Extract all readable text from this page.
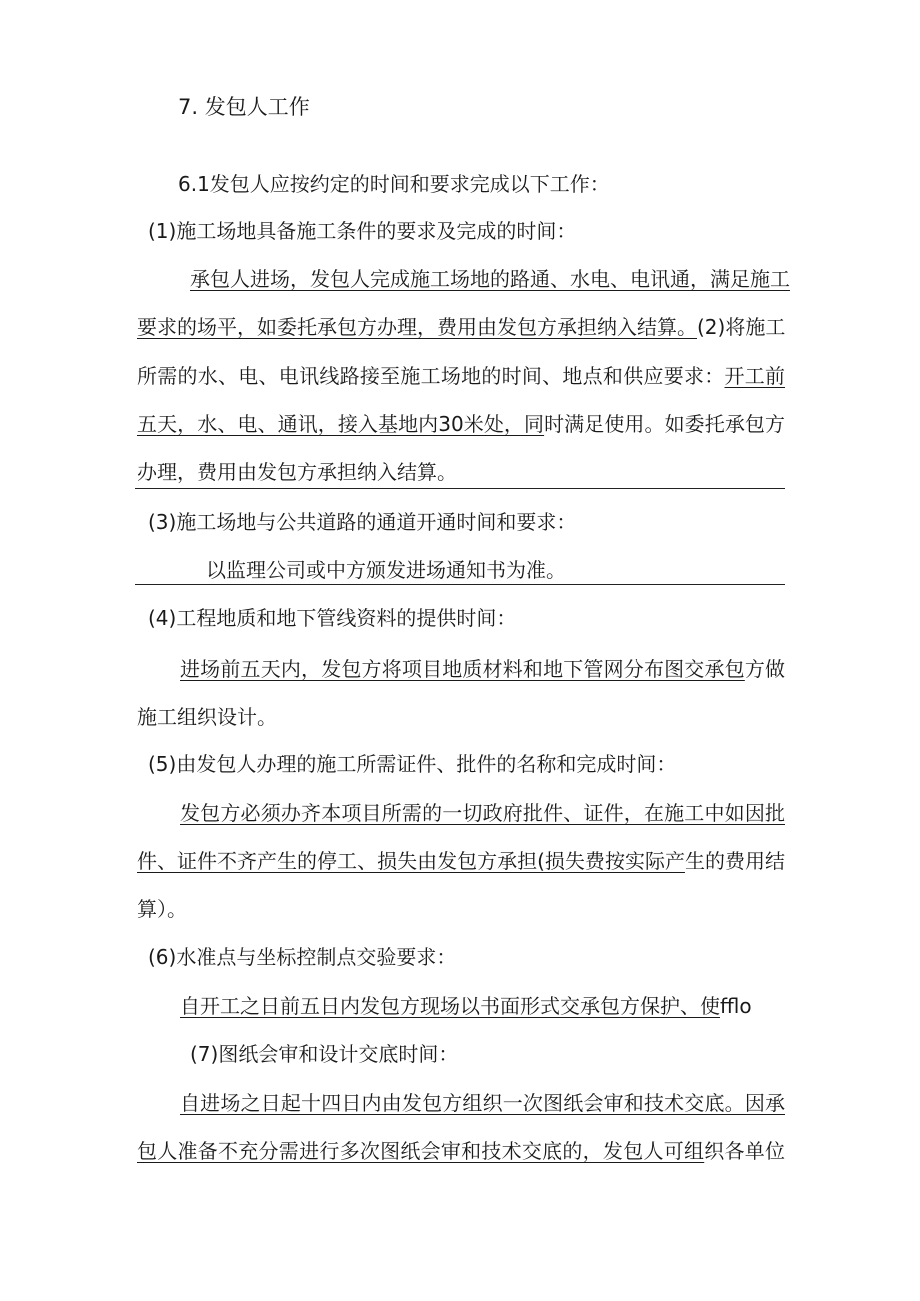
7. 发包人工作

6.1发包人应按约定的时间和要求完成以下工作：

(1)施工场地具备施工条件的要求及完成的时间：

承包人进场，发包人完成施工场地的路通、水电、电讯通，满足施工

要求的场平，如委托承包方办理，费用由发包方承担纳入结算。(2)将施工

所需的水、电、电讯线路接至施工场地的时间、地点和供应要求：开工前

五天，水、电、通讯，接入基地内30米处，同时满足使用。如委托承包方

办理，费用由发包方承担纳入结算。

(3)施工场地与公共道路的通道开通时间和要求：

以监理公司或中方颁发进场通知书为准。

(4)工程地质和地下管线资料的提供时间：

进场前五天内，发包方将项目地质材料和地下管网分布图交承包方做

施工组织设计。

(5)由发包人办理的施工所需证件、批件的名称和完成时间：

发包方必须办齐本项目所需的一切政府批件、证件，在施工中如因批

件、证件不齐产生的停工、损失由发包方承担(损失费按实际产生的费用结

算）。

(6)水准点与坐标控制点交验要求：

自开工之日前五日内发包方现场以书面形式交承包方保护、使fflo

(7)图纸会审和设计交底时间：

自进场之日起十四日内由发包方组织一次图纸会审和技术交底。因承

包人准备不充分需进行多次图纸会审和技术交底的，发包人可组织各单位
